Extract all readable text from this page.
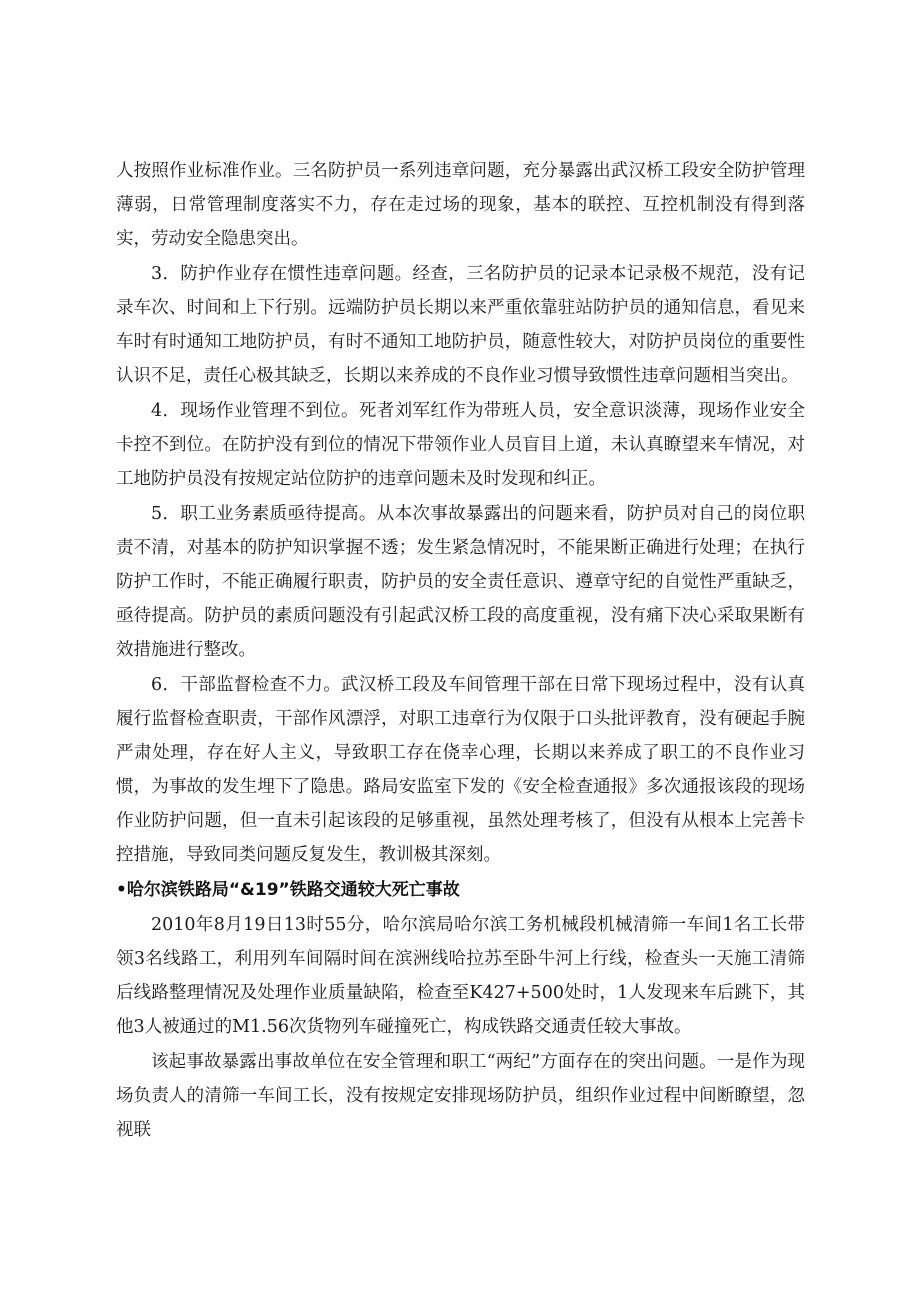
人按照作业标准作业。三名防护员一系列违章问题，充分暴露出武汉桥工段安全防护管理薄弱，日常管理制度落实不力，存在走过场的现象，基本的联控、互控机制没有得到落实，劳动安全隐患突出。

3．防护作业存在惯性违章问题。经查，三名防护员的记录本记录极不规范，没有记录车次、时间和上下行别。远端防护员长期以来严重依靠驻站防护员的通知信息，看见来车时有时通知工地防护员，有时不通知工地防护员，随意性较大，对防护员岗位的重要性认识不足，责任心极其缺乏，长期以来养成的不良作业习惯导致惯性违章问题相当突出。

4．现场作业管理不到位。死者刘军红作为带班人员，安全意识淡薄，现场作业安全卡控不到位。在防护没有到位的情况下带领作业人员盲目上道，未认真瞭望来车情况，对工地防护员没有按规定站位防护的违章问题未及时发现和纠正。

5．职工业务素质亟待提高。从本次事故暴露出的问题来看，防护员对自己的岗位职责不清，对基本的防护知识掌握不透；发生紧急情况时，不能果断正确进行处理；在执行防护工作时，不能正确履行职责，防护员的安全责任意识、遵章守纪的自觉性严重缺乏，亟待提高。防护员的素质问题没有引起武汉桥工段的高度重视，没有痛下决心采取果断有效措施进行整改。

6．干部监督检查不力。武汉桥工段及车间管理干部在日常下现场过程中，没有认真履行监督检查职责，干部作风漂浮，对职工违章行为仅限于口头批评教育，没有硬起手腕严肃处理，存在好人主义，导致职工存在侥幸心理，长期以来养成了职工的不良作业习惯，为事故的发生埋下了隐患。路局安监室下发的《安全检查通报》多次通报该段的现场作业防护问题，但一直未引起该段的足够重视，虽然处理考核了，但没有从根本上完善卡控措施，导致同类问题反复发生，教训极其深刻。

•哈尔滨铁路局“&19”铁路交通较大死亡事故

2010年8月19日13时55分，哈尔滨局哈尔滨工务机械段机械清筛一车间1名工长带领3名线路工，利用列车间隔时间在滨洲线哈拉苏至卧牛河上行线，检查头一天施工清筛后线路整理情况及处理作业质量缺陷，检查至K427+500处时，1人发现来车后跳下，其他3人被通过的M1.56次货物列车碰撞死亡，构成铁路交通责任较大事故。

该起事故暴露出事故单位在安全管理和职工“两纪”方面存在的突出问题。一是作为现场负责人的清筛一车间工长，没有按规定安排现场防护员，组织作业过程中间断瞭望，忽视联
